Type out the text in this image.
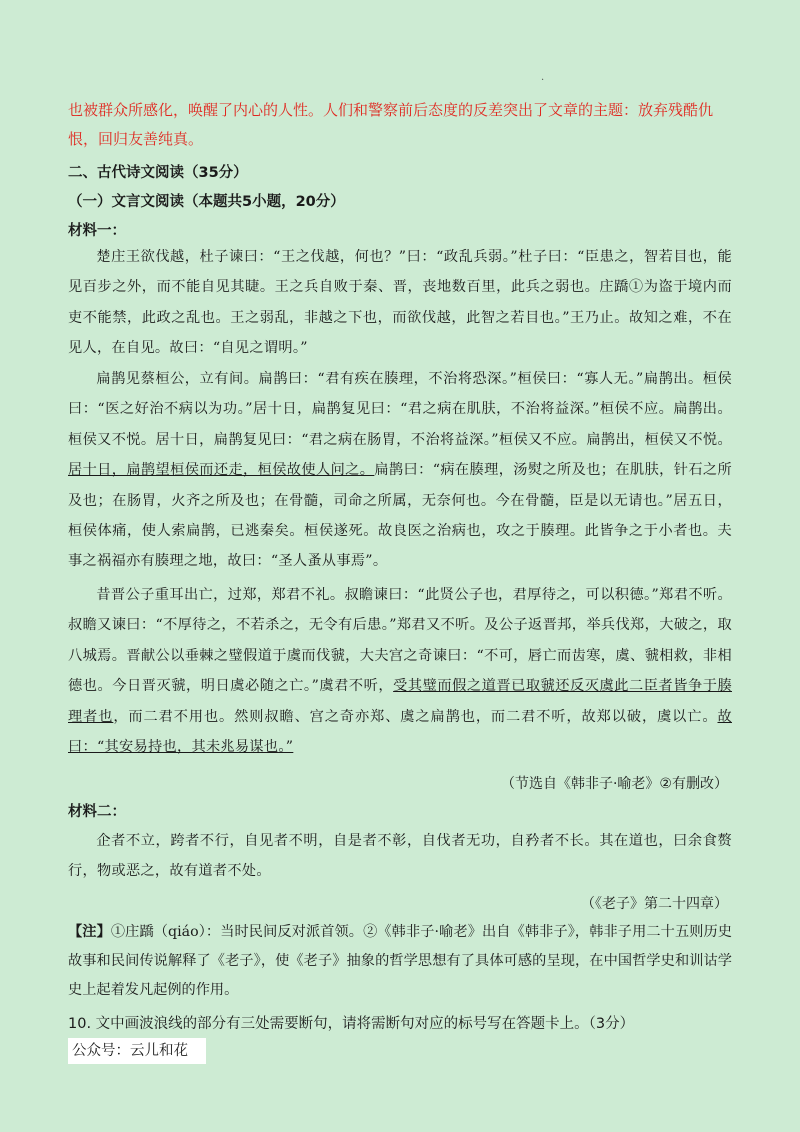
.
也被群众所感化，唤醒了内心的人性。人们和警察前后态度的反差突出了文章的主题：放弃残酷仇恨，回归友善纯真。
二、古代诗文阅读（35分）
（一）文言文阅读（本题共5小题，20分）
材料一：
楚庄王欲伐越，杜子谏曰：“王之伐越，何也？”曰：“政乱兵弱。”杜子曰：“臣患之，智若目也，能见百步之外，而不能自见其睫。王之兵自败于秦、晋，丧地数百里，此兵之弱也。庄蹻①为盗于境内而吏不能禁，此政之乱也。王之弱乱，非越之下也，而欲伐越，此智之若目也。”王乃止。故知之难，不在见人，在自见。故曰：“自见之谓明。”
扁鹊见蔡桓公，立有间。扁鹊曰：“君有疾在腠理，不治将恐深。”桓侯曰：“寡人无。”扁鹊出。桓侯曰：“医之好治不病以为功。”居十日，扁鹊复见曰：“君之病在肌肤，不治将益深。”桓侯不应。扁鹊出。桓侯又不悦。居十日，扁鹊复见曰：“君之病在肠胃，不治将益深。”桓侯又不应。扁鹊出，桓侯又不悦。居十日，扁鹊望桓侯而还走，桓侯故使人问之。扁鹊曰：“病在腠理，汤熨之所及也；在肌肤，针石之所及也；在肠胃，火齐之所及也；在骨髓，司命之所属，无奈何也。今在骨髓，臣是以无请也。”居五日，桓侯体痛，使人索扁鹊，已逃秦矣。桓侯遂死。故良医之治病也，攻之于腠理。此皆争之于小者也。夫事之祸福亦有腠理之地，故曰：“圣人蚤从事焉”。
昔晋公子重耳出亡，过郑，郑君不礼。叔瞻谏曰：“此贤公子也，君厚待之，可以积德。”郑君不听。叔瞻又谏曰：“不厚待之，不若杀之，无令有后患。”郑君又不听。及公子返晋邦，举兵伐郑，大破之，取八城焉。晋献公以垂棘之璧假道于虞而伐虢，大夫宫之奇谏曰：“不可，唇亡而齿寒，虞、虢相救，非相德也。今日晋灭虢，明日虞必随之亡。”虞君不听，受其璧而假之道晋已取虢还反灭虞此二臣者皆争于腠理者也，而二君不用也。然则叔瞻、宫之奇亦郑、虞之扁鹊也，而二君不听，故郑以破，虞以亡。故曰：“其安易持也，其未兆易谋也。”
（节选自《韩非子·喻老》②有删改）
材料二：
企者不立，跨者不行，自见者不明，自是者不彰，自伐者无功，自矜者不长。其在道也，曰余食赘行，物或恶之，故有道者不处。
（《老子》第二十四章）
【注】①庄蹻（qiáo）：当时民间反对派首领。②《韩非子·喻老》出自《韩非子》，韩非子用二十五则历史故事和民间传说解释了《老子》，使《老子》抽象的哲学思想有了具体可感的呈现，在中国哲学史和训诂学史上起着发凡起例的作用。
10. 文中画波浪线的部分有三处需要断句，请将需断句对应的标号写在答题卡上。（3分）
公众号：云儿和花
